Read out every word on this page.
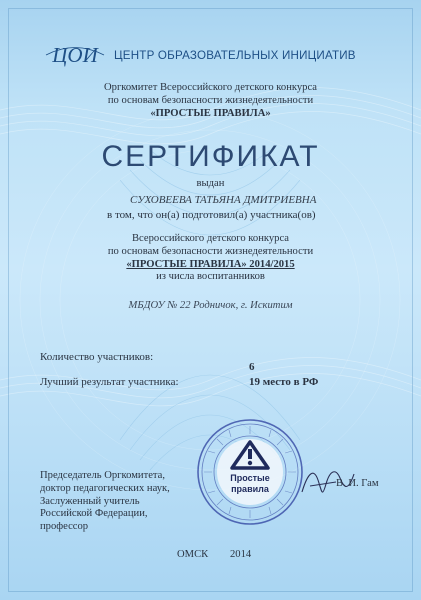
ЦОИ ЦЕНТР ОБРАЗОВАТЕЛЬНЫХ ИНИЦИАТИВ
Оргкомитет Всероссийского детского конкурса
по основам безопасности жизнедеятельности
«ПРОСТЫЕ ПРАВИЛА»
СЕРТИФИКАТ
выдан
СУХОВЕЕВА ТАТЬЯНА ДМИТРИЕВНА
в том, что он(а) подготовил(а) участника(ов)
Всероссийского детского конкурса
по основам безопасности жизнедеятельности
«ПРОСТЫЕ ПРАВИЛА» 2014/2015
из числа воспитанников
МБДОУ № 22 Родничок, г. Искитим
Количество участников:
6
Лучший результат участника:	19 место в РФ
Председатель Оргкомитета,
доктор педагогических наук,
Заслуженный учитель
Российской Федерации,
профессор
Простые
правила	В. И. Гам
ОМСК 2014
